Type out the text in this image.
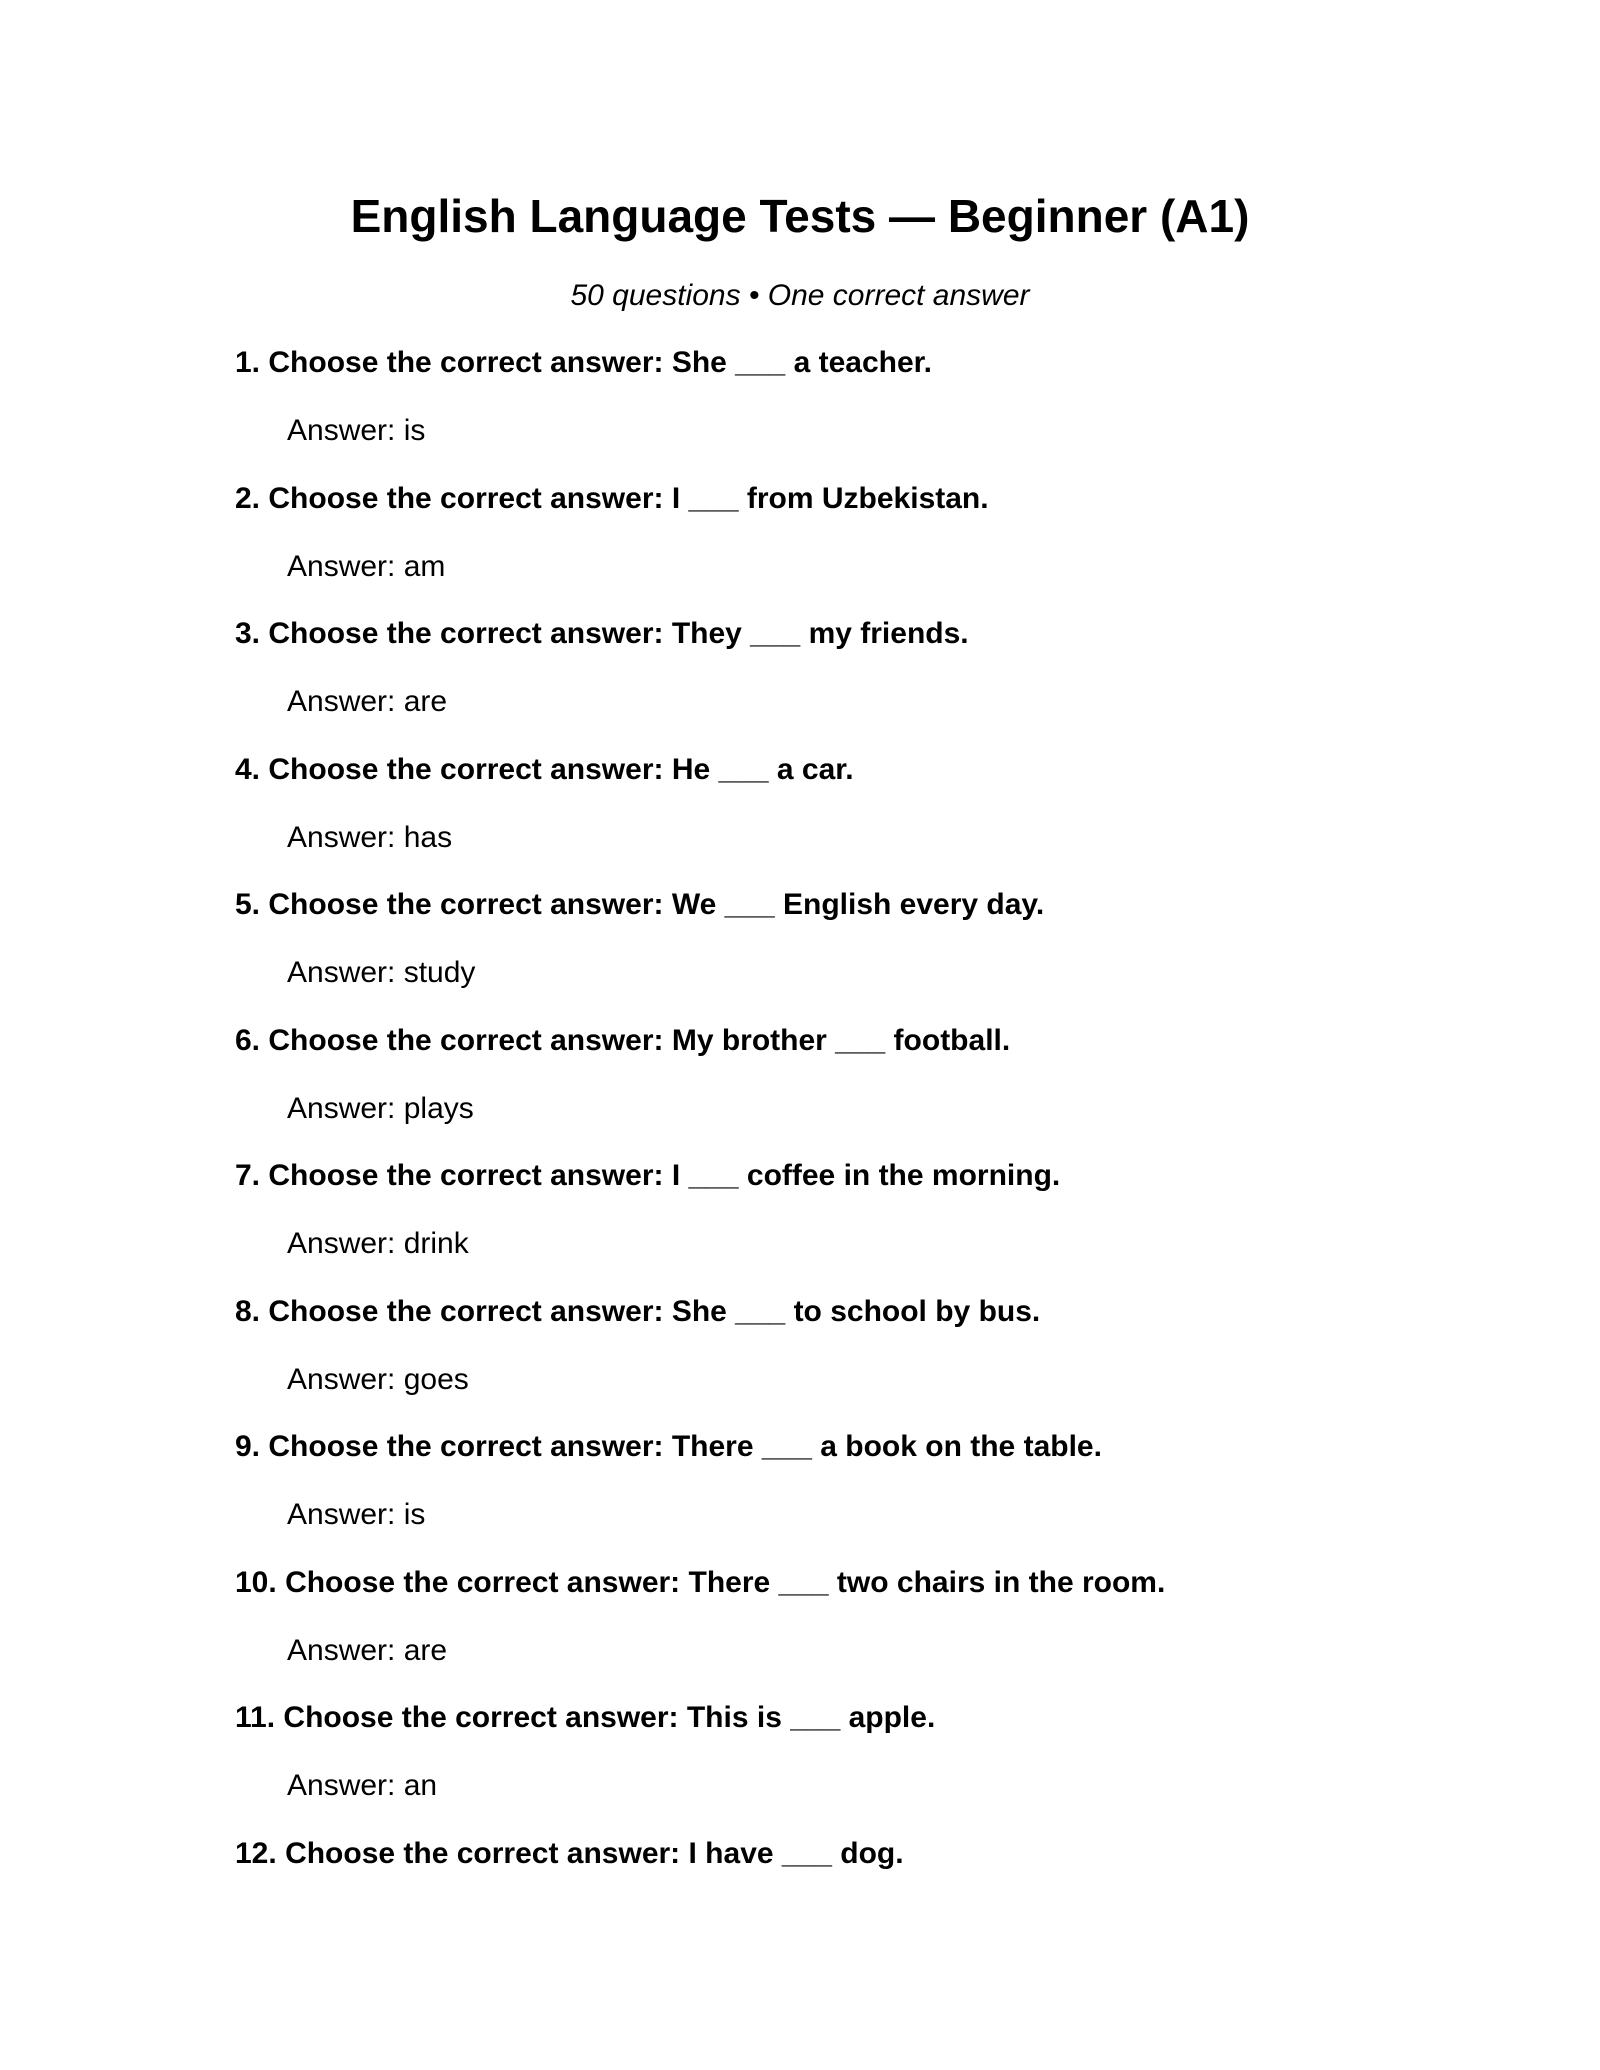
English Language Tests — Beginner (A1)

50 questions • One correct answer

1. Choose the correct answer: She ___ a teacher.
Answer: is
2. Choose the correct answer: I ___ from Uzbekistan.
Answer: am
3. Choose the correct answer: They ___ my friends.
Answer: are
4. Choose the correct answer: He ___ a car.
Answer: has
5. Choose the correct answer: We ___ English every day.
Answer: study
6. Choose the correct answer: My brother ___ football.
Answer: plays
7. Choose the correct answer: I ___ coffee in the morning.
Answer: drink
8. Choose the correct answer: She ___ to school by bus.
Answer: goes
9. Choose the correct answer: There ___ a book on the table.
Answer: is
10. Choose the correct answer: There ___ two chairs in the room.
Answer: are
11. Choose the correct answer: This is ___ apple.
Answer: an
12. Choose the correct answer: I have ___ dog.
